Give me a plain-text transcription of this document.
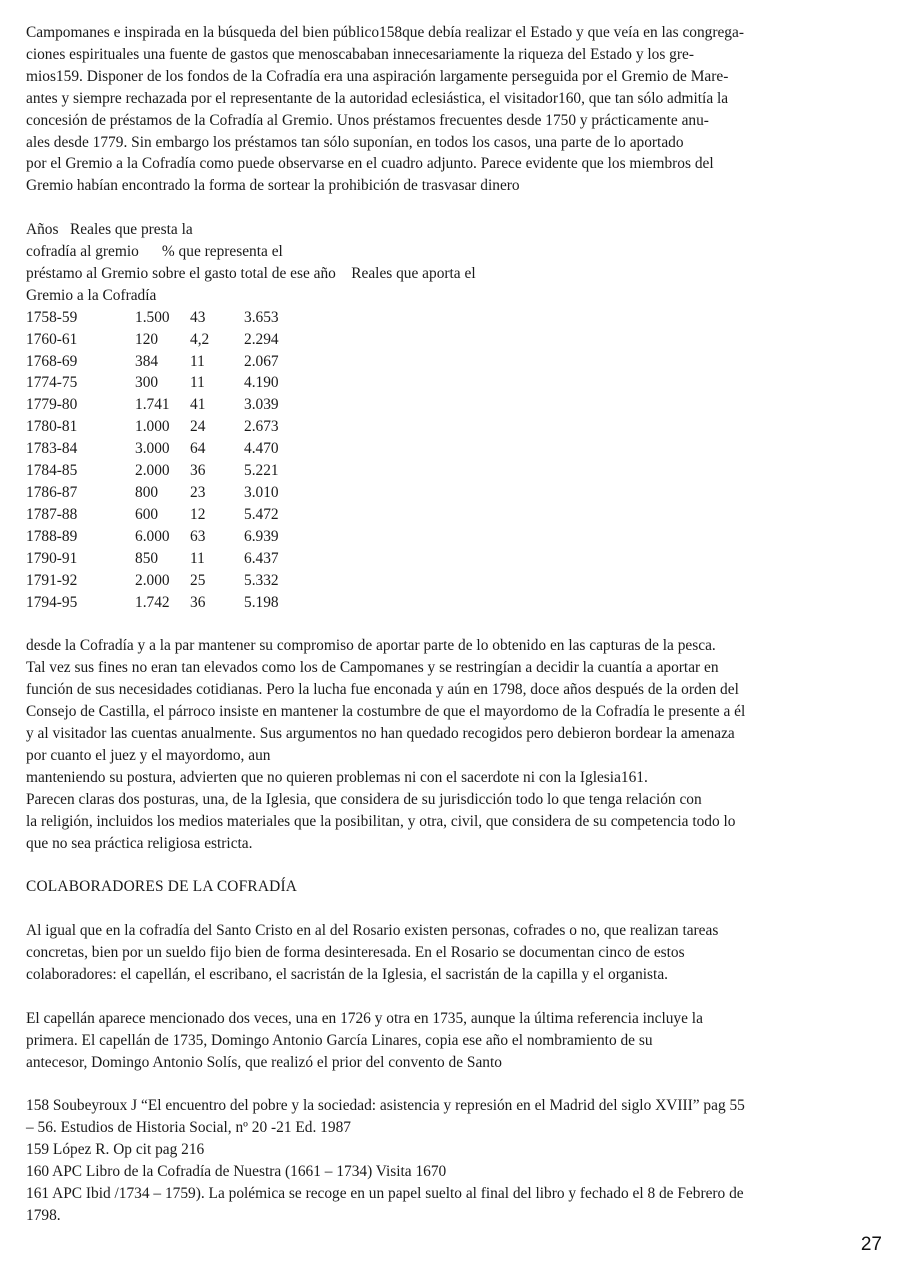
Campomanes e inspirada en la búsqueda del bien público158que debía realizar el Estado y que veía en las congrega-

ciones espirituales una fuente de gastos que menoscababan innecesariamente la riqueza del Estado y los gre-

mios159. Disponer de los fondos de la Cofradía era una aspiración largamente perseguida por el Gremio de Mare-

antes y siempre rechazada por el representante de la autoridad eclesiástica, el visitador160, que tan sólo admitía la

concesión de préstamos de la Cofradía al Gremio. Unos préstamos frecuentes desde 1750 y prácticamente anu-

ales desde 1779. Sin embargo los préstamos tan sólo suponían, en todos los casos, una parte de lo aportado

por el Gremio a la Cofradía como puede observarse en el cuadro adjunto. Parece evidente que los miembros del

Gremio habían encontrado la forma de sortear la prohibición de trasvasar dinero

Años   Reales que presta la

cofradía al gremio      % que representa el

préstamo al Gremio sobre el gasto total de ese año    Reales que aporta el

Gremio a la Cofradía

1758-59	1.500	43	3.653
1760-61	120	4,2	2.294
1768-69	384	11	2.067
1774-75	300	11	4.190
1779-80	1.741	41	3.039
1780-81	1.000	24	2.673
1783-84	3.000	64	4.470
1784-85	2.000	36	5.221
1786-87	800	23	3.010
1787-88	600	12	5.472
1788-89	6.000	63	6.939
1790-91	850	11	6.437
1791-92	2.000	25	5.332
1794-95	1.742	36	5.198

desde la Cofradía y a la par mantener su compromiso de aportar parte de lo obtenido en las capturas de la pesca.

Tal vez sus fines no eran tan elevados como los de Campomanes y se restringían a decidir la cuantía a aportar en

función de sus necesidades cotidianas. Pero la lucha fue enconada y aún en 1798, doce años después de la orden del

Consejo de Castilla, el párroco insiste en mantener la costumbre de que el mayordomo de la Cofradía le presente a él

y al visitador las cuentas anualmente. Sus argumentos no han quedado recogidos pero debieron bordear la amenaza

por cuanto el juez y el mayordomo, aun

manteniendo su postura, advierten que no quieren problemas ni con el sacerdote ni con la Iglesia161.

Parecen claras dos posturas, una, de la Iglesia, que considera de su jurisdicción todo lo que tenga relación con

la religión, incluidos los medios materiales que la posibilitan, y otra, civil, que considera de su competencia todo lo

que no sea práctica religiosa estricta.

COLABORADORES DE LA COFRADÍA

Al igual que en la cofradía del Santo Cristo en al del Rosario existen personas, cofrades o no, que realizan tareas

concretas, bien por un sueldo fijo bien de forma desinteresada. En el Rosario se documentan cinco de estos

colaboradores: el capellán, el escribano, el sacristán de la Iglesia, el sacristán de la capilla y el organista.

El capellán aparece mencionado dos veces, una en 1726 y otra en 1735, aunque la última referencia incluye la

primera. El capellán de 1735, Domingo Antonio García Linares, copia ese año el nombramiento de su

antecesor, Domingo Antonio Solís, que realizó el prior del convento de Santo

158 Soubeyroux J “El encuentro del pobre y la sociedad: asistencia y represión en el Madrid del siglo XVIII” pag 55

– 56. Estudios de Historia Social, nº 20 -21 Ed. 1987

159 López R. Op cit pag 216

160 APC Libro de la Cofradía de Nuestra (1661 – 1734) Visita 1670

161 APC Ibid /1734 – 1759). La polémica se recoge en un papel suelto al final del libro y fechado el 8 de Febrero de

1798.

27
